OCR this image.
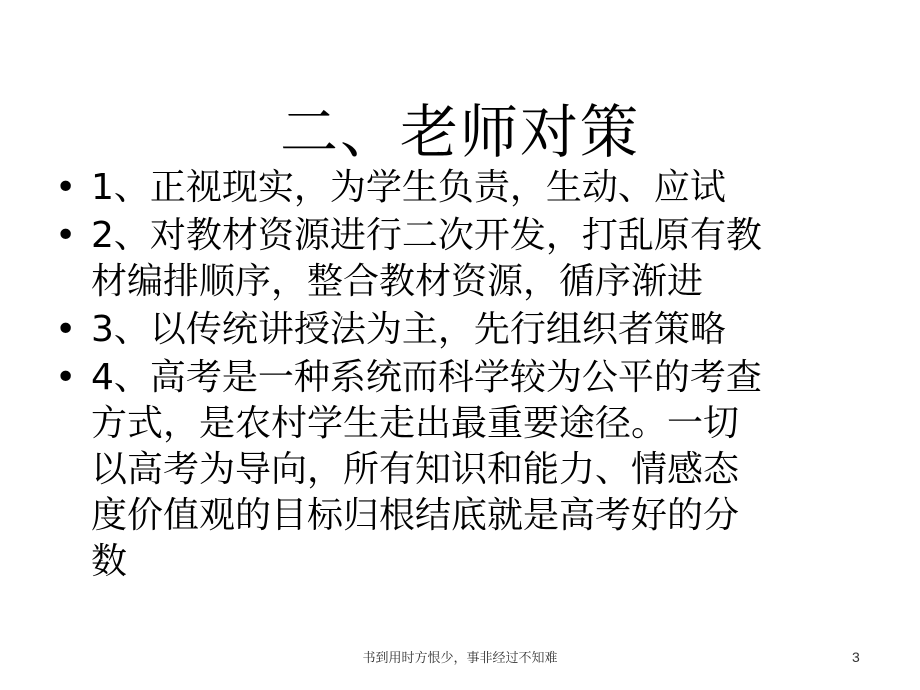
二、老师对策
• 1、正视现实，为学生负责，生动、应试
• 2、对教材资源进行二次开发，打乱原有教
材编排顺序，整合教材资源，循序渐进
• 3、以传统讲授法为主，先行组织者策略
• 4、高考是一种系统而科学较为公平的考查
方式，是农村学生走出最重要途径。一切
以高考为导向，所有知识和能力、情感态
度价值观的目标归根结底就是高考好的分
数
书到用时方恨少，事非经过不知难	3
